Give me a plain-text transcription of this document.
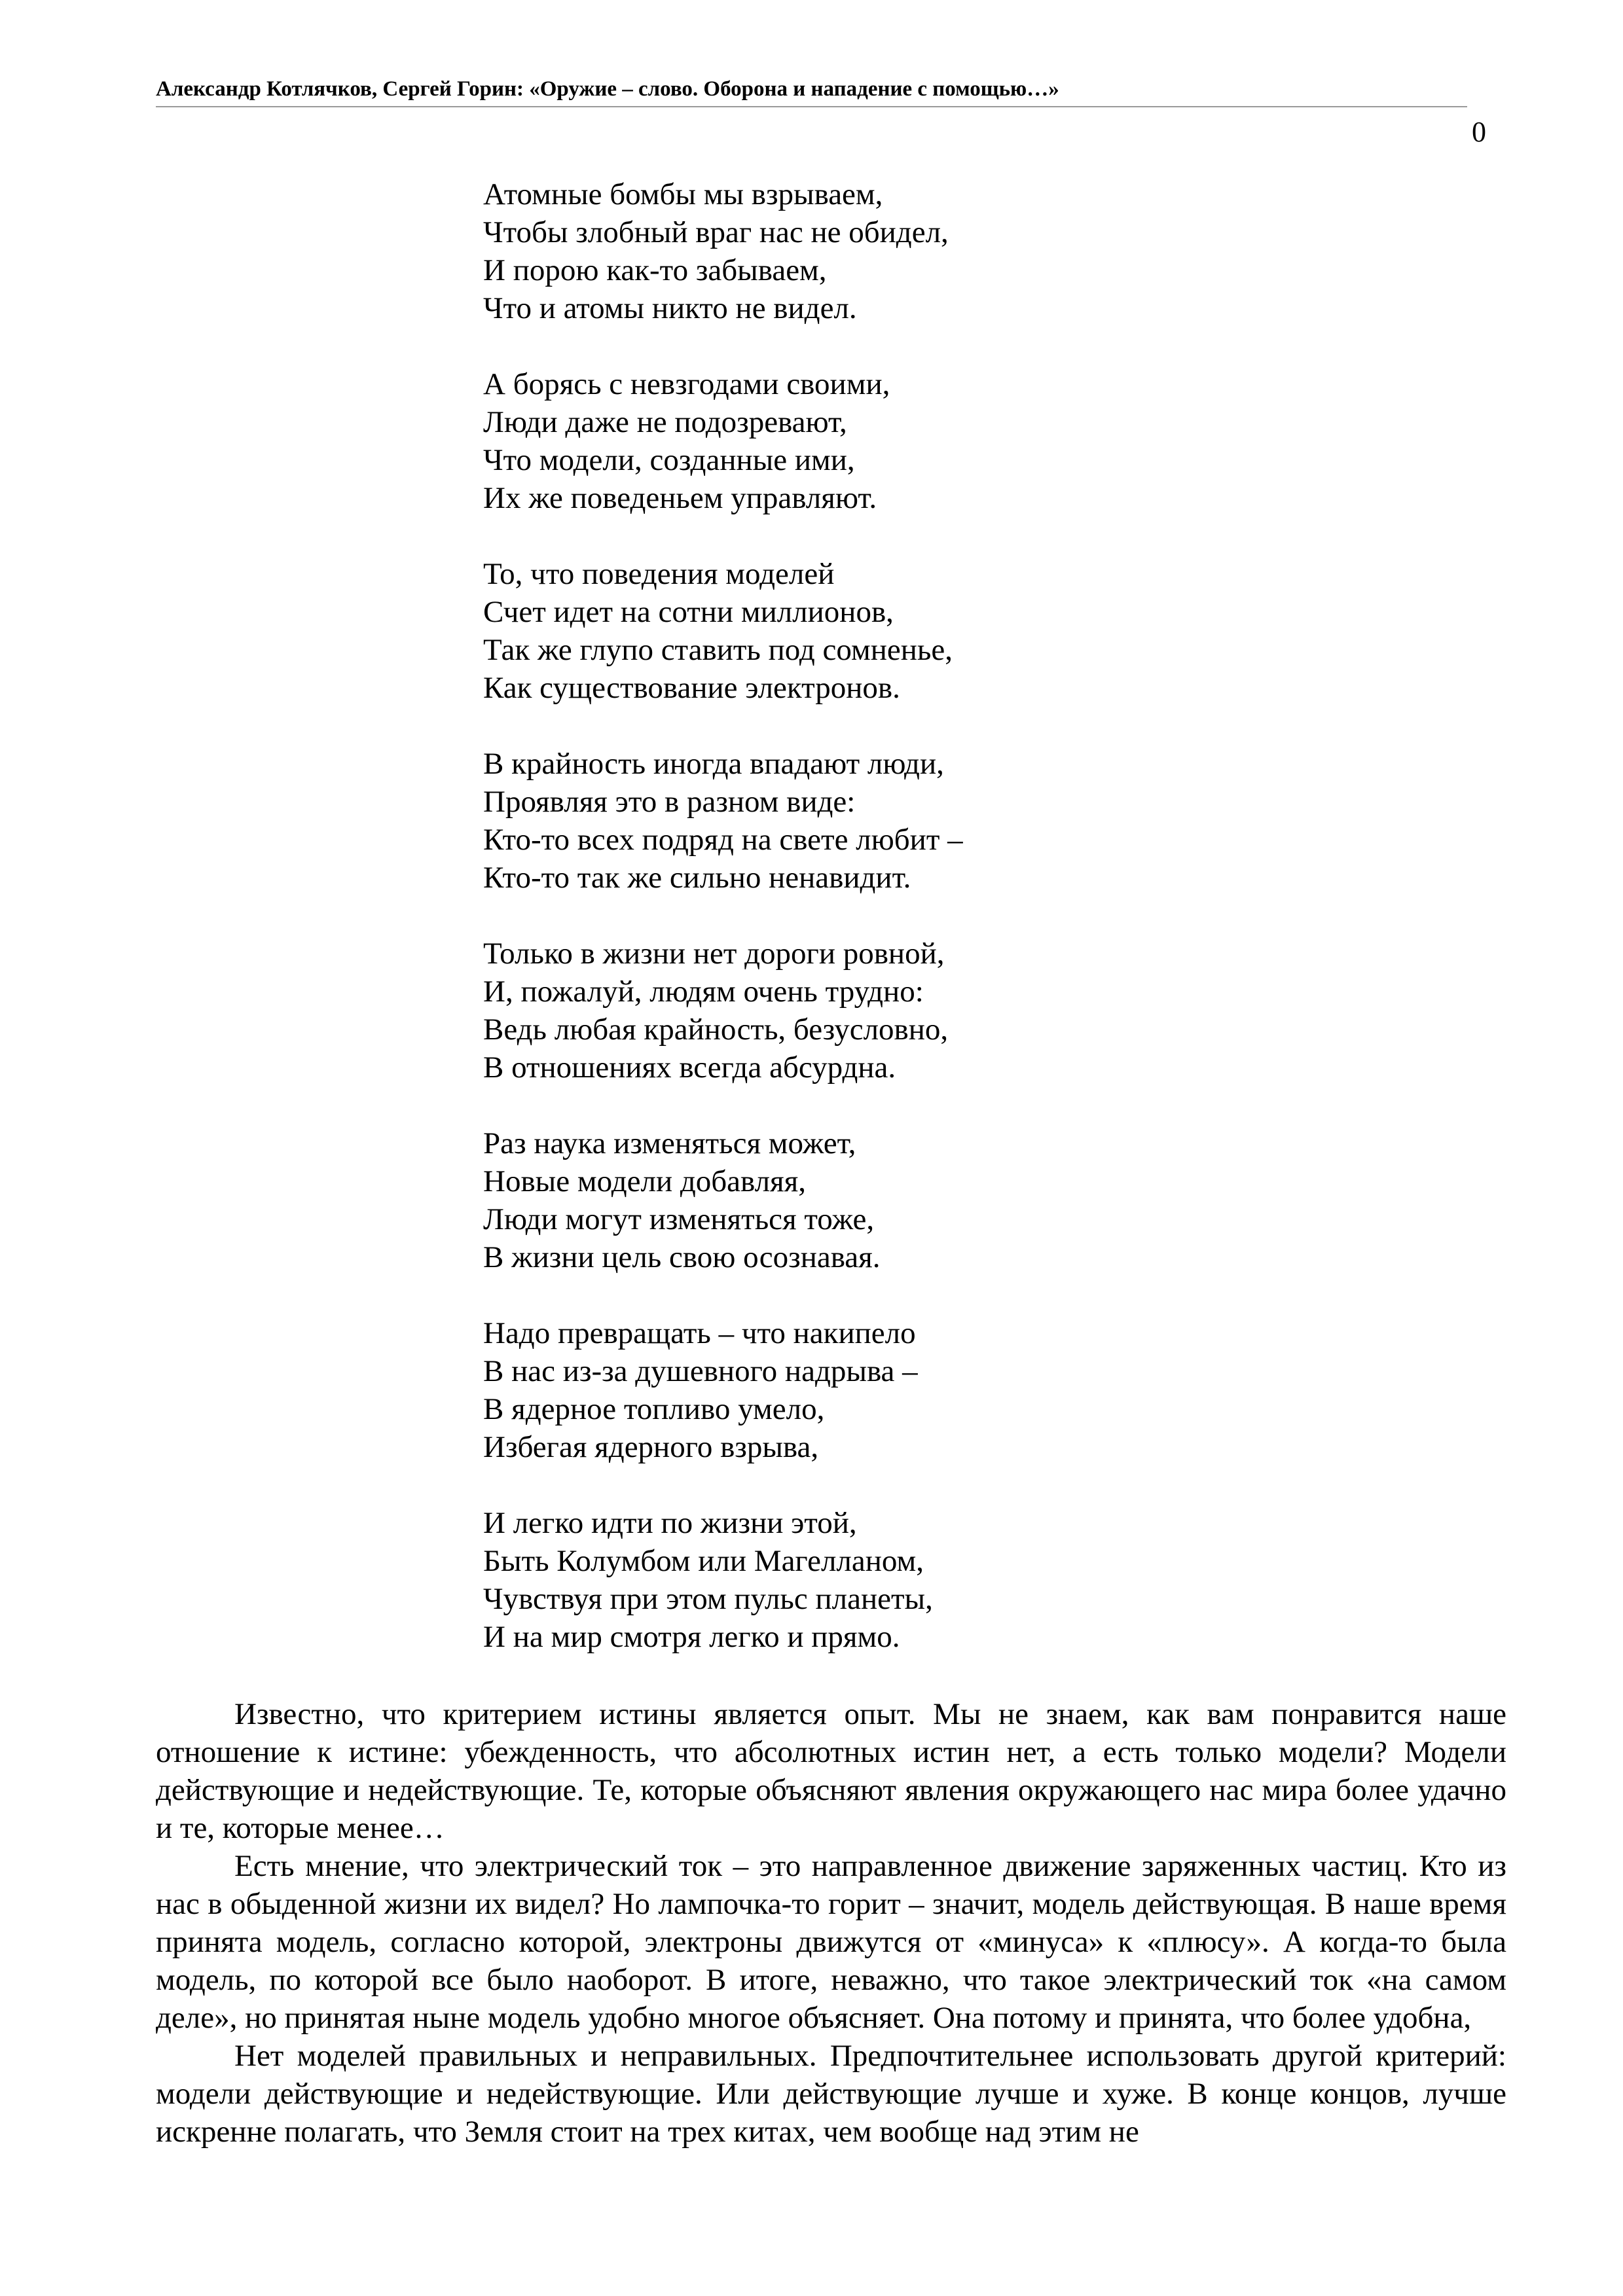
Александр Котлячков, Сергей Горин: «Оружие – слово. Оборона и нападение с помощью…»
0
Атомные бомбы мы взрываем,
Чтобы злобный враг нас не обидел,
И порою как-то забываем,
Что и атомы никто не видел.
А борясь с невзгодами своими,
Люди даже не подозревают,
Что модели, созданные ими,
Их же поведеньем управляют.
То, что поведения моделей
Счет идет на сотни миллионов,
Так же глупо ставить под сомненье,
Как существование электронов.
В крайность иногда впадают люди,
Проявляя это в разном виде:
Кто-то всех подряд на свете любит –
Кто-то так же сильно ненавидит.
Только в жизни нет дороги ровной,
И, пожалуй, людям очень трудно:
Ведь любая крайность, безусловно,
В отношениях всегда абсурдна.
Раз наука изменяться может,
Новые модели добавляя,
Люди могут изменяться тоже,
В жизни цель свою осознавая.
Надо превращать – что накипело
В нас из-за душевного надрыва –
В ядерное топливо умело,
Избегая ядерного взрыва,
И легко идти по жизни этой,
Быть Колумбом или Магелланом,
Чувствуя при этом пульс планеты,
И на мир смотря легко и прямо.

Известно, что критерием истины является опыт. Мы не знаем, как вам понравится наше отношение к истине: убежденность, что абсолютных истин нет, а есть только модели? Модели действующие и недействующие. Те, которые объясняют явления окружающего нас мира более удачно и те, которые менее…

Есть мнение, что электрический ток – это направленное движение заряженных частиц. Кто из нас в обыденной жизни их видел? Но лампочка-то горит – значит, модель действующая. В наше время принята модель, согласно которой, электроны движутся от «минуса» к «плюсу». А когда-то была модель, по которой все было наоборот. В итоге, неважно, что такое электрический ток «на самом деле», но принятая ныне модель удобно многое объясняет. Она потому и принята, что более удобна,

Нет моделей правильных и неправильных. Предпочтительнее использовать другой критерий: модели действующие и недействующие. Или действующие лучше и хуже. В конце концов, лучше искренне полагать, что Земля стоит на трех китах, чем вообще над этим не
